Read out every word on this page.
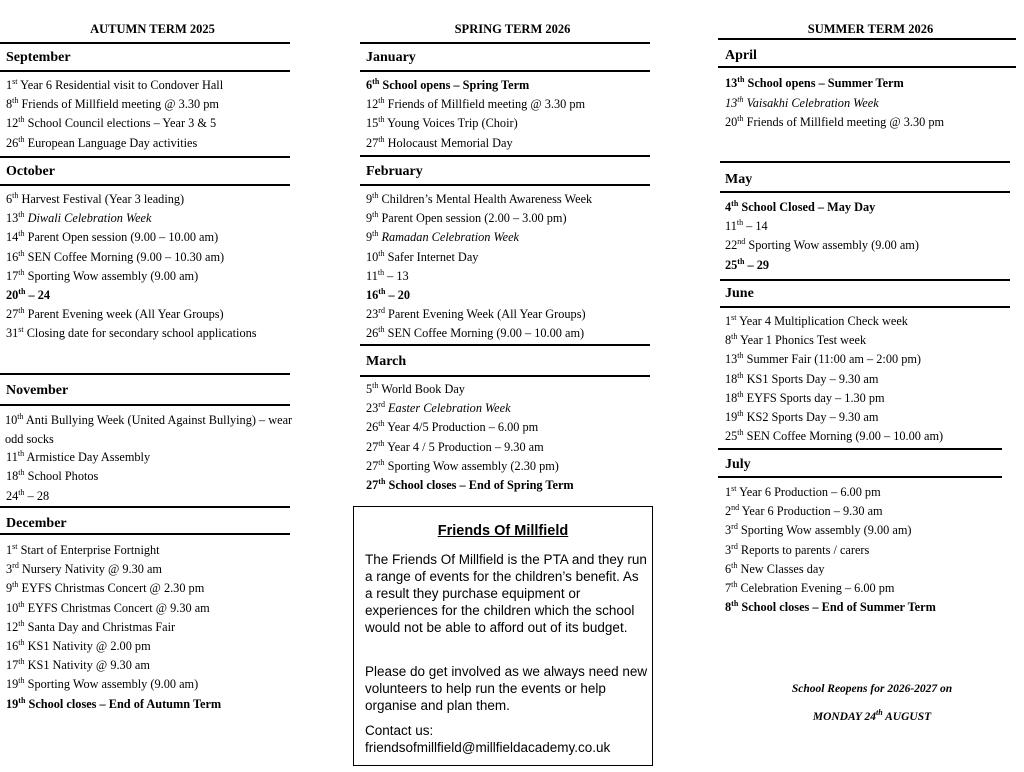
AUTUMN TERM 2025	SPRING TERM 2026	SUMMER TERM 2026
September
1st Year 6 Residential visit to Condover Hall
8th Friends of Millfield meeting @ 3.30 pm
12th School Council elections – Year 3 & 5
26th European Language Day activities
October
6th Harvest Festival (Year 3 leading)
13th Diwali Celebration Week
14th Parent Open session (9.00 – 10.00 am)
16th SEN Coffee Morning (9.00 – 10.30 am)
17th Sporting Wow assembly (9.00 am)
20th – 24
27th Parent Evening week (All Year Groups)
31st Closing date for secondary school applications
November
10th Anti Bullying Week (United Against Bullying) – wear odd socks
11th Armistice Day Assembly
18th School Photos
24th – 28
December
1st Start of Enterprise Fortnight
3rd Nursery Nativity @ 9.30 am
9th EYFS Christmas Concert @ 2.30 pm
10th EYFS Christmas Concert @ 9.30 am
12th Santa Day and Christmas Fair
16th KS1 Nativity @ 2.00 pm
17th KS1 Nativity @ 9.30 am
19th Sporting Wow assembly (9.00 am)
19th School closes – End of Autumn Term
January
6th School opens – Spring Term
12th Friends of Millfield meeting @ 3.30 pm
15th Young Voices Trip (Choir)
27th Holocaust Memorial Day
February
9th Children’s Mental Health Awareness Week
9th Parent Open session (2.00 – 3.00 pm)
9th Ramadan Celebration Week
10th Safer Internet Day
11th – 13
16th – 20
23rd Parent Evening Week (All Year Groups)
26th SEN Coffee Morning (9.00 – 10.00 am)
March
5th World Book Day
23rd Easter Celebration Week
26th Year 4/5 Production – 6.00 pm
27th Year 4 / 5 Production – 9.30 am
27th Sporting Wow assembly (2.30 pm)
27th School closes – End of Spring Term
Friends Of Millfield
The Friends Of Millfield is the PTA and they run a range of events for the children’s benefit. As a result they purchase equipment or experiences for the children which the school would not be able to afford out of its budget.
Please do get involved as we always need new volunteers to help run the events or help organise and plan them.
Contact us:
friendsofmillfield@millfieldacademy.co.uk
April
13th School opens – Summer Term
13th Vaisakhi Celebration Week
20th Friends of Millfield meeting @ 3.30 pm
May
4th School Closed – May Day
11th – 14
22nd Sporting Wow assembly (9.00 am)
25th – 29
June
1st Year 4 Multiplication Check week
8th Year 1 Phonics Test week
13th Summer Fair (11:00 am – 2:00 pm)
18th KS1 Sports Day – 9.30 am
18th EYFS Sports day – 1.30 pm
19th KS2 Sports Day – 9.30 am
25th SEN Coffee Morning (9.00 – 10.00 am)
July
1st Year 6 Production – 6.00 pm
2nd Year 6 Production – 9.30 am
3rd Sporting Wow assembly (9.00 am)
3rd Reports to parents / carers
6th New Classes day
7th Celebration Evening – 6.00 pm
8th School closes – End of Summer Term
School Reopens for 2026-2027 on
MONDAY 24th AUGUST
